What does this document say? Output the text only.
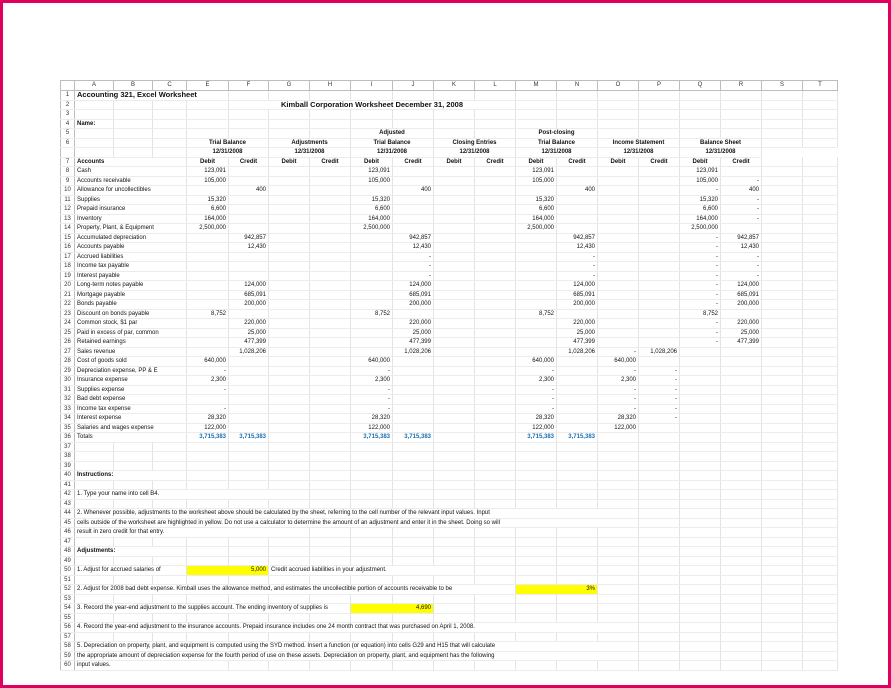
	A	B	C	E	F	G	H	I	J	K	L	M	N	O	P	Q	R	S	T
1	Accounting 321, Excel Worksheet																		
2					Kimball Corporation Worksheet December 31, 2008														
3																			
4	Name:																		
5								Adjusted				Post-closing							
6				Trial Balance		Adjustments		Trial Balance		Closing Entries		Trial Balance		Income Statement		Balance Sheet			
				12/31/2008		12/31/2008		12/31/2008		12/31/2008		12/31/2008		12/31/2008		12/31/2008			
7	Accounts			Debit	Credit	Debit	Credit	Debit	Credit	Debit	Credit	Debit	Credit	Debit	Credit	Debit	Credit		
8	Cash			123,091				123,091				123,091				123,091			
9	Accounts receivable			105,000				105,000				105,000				105,000	-		
10	Allowance for uncollectibles				400				400				400			-	400		
11	Supplies			15,320				15,320				15,320				15,320	-		
12	Prepaid insurance			6,600				6,600				6,600				6,600	-		
13	Inventory			164,000				164,000				164,000				164,000	-		
14	Property, Plant, & Equipment			2,500,000				2,500,000				2,500,000				2,500,000			
15	Accumulated depreciation				942,857				942,857				942,857			-	942,857		
16	Accounts payable				12,430				12,430				12,430			-	12,430		
17	Accrued liabilities								-				-			-	-		
18	Income tax payable								-				-			-	-		
19	Interest payable								-				-			-	-		
20	Long-term notes payable				124,000				124,000				124,000			-	124,000		
21	Mortgage payable				685,091				685,091				685,091			-	685,091		
22	Bonds payable				200,000				200,000				200,000			-	200,000		
23	Discount on bonds payable			8,752				8,752				8,752				8,752			
24	Common stock, $1 par				220,000				220,000				220,000			-	220,000		
25	Paid in excess of par, common				25,000				25,000				25,000			-	25,000		
26	Retained earnings				477,399				477,399				477,399			-	477,399		
27	Sales revenue				1,028,206				1,028,206				1,028,206	-	1,028,206				
28	Cost of goods sold			640,000				640,000				640,000		640,000					
29	Depreciation expense, PP & E			-				-				-		-	-				
30	Insurance expense			2,300				2,300				2,300		2,300	-				
31	Supplies expense			-				-				-		-	-				
32	Bad debt expense							-				-		-	-				
33	Income tax expense			-				-				-		-	-				
34	Interest expense			28,320				28,320				28,320		28,320	-				
35	Salaries and wages expense			122,000				122,000				122,000		122,000					
36	Totals			3,715,383	3,715,383			3,715,383	3,715,383			3,715,383	3,715,383						
37																			
38																			
39																			
40	Instructions:																		
41																			
42	1. Type your name into cell B4.																		
43																			
44	2. Whenever possible, adjustments to the worksheet above should be calculated by the sheet, referring to the cell number of the relevant input values. Input																		
45	cells outside of the worksheet are highlighted in yellow. Do not use a calculator to determine the amount of an adjustment and enter it in the sheet. Doing so will																		
46	result in zero credit for that entry.																		
47																			
48	Adjustments:																		
49																			
50	1. Adjust for accrued salaries of			5,000		Credit accrued liabilities in your adjustment.													
51																			
52	2. Adjust for 2008 bad debt expense. Kimball uses the allowance method, and estimates the uncollectible portion of accounts receivable to be											3%							
53																			
54	3. Record the year-end adjustment to the supplies account. The ending inventory of supplies is							4,690											
55																			
56	4. Record the year-end adjustment to the insurance accounts. Prepaid insurance includes one 24 month contract that was purchased on April 1, 2008.																		
57																			
58	5. Depreciation on property, plant, and equipment is computed using the SYD method. Insert a function (or equation) into cells G29 and H15 that will calculate																		
59	the appropriate amount of depreciation expense for the fourth period of use on these assets. Depreciation on property, plant, and equipment has the following																		
60	input values.																		
